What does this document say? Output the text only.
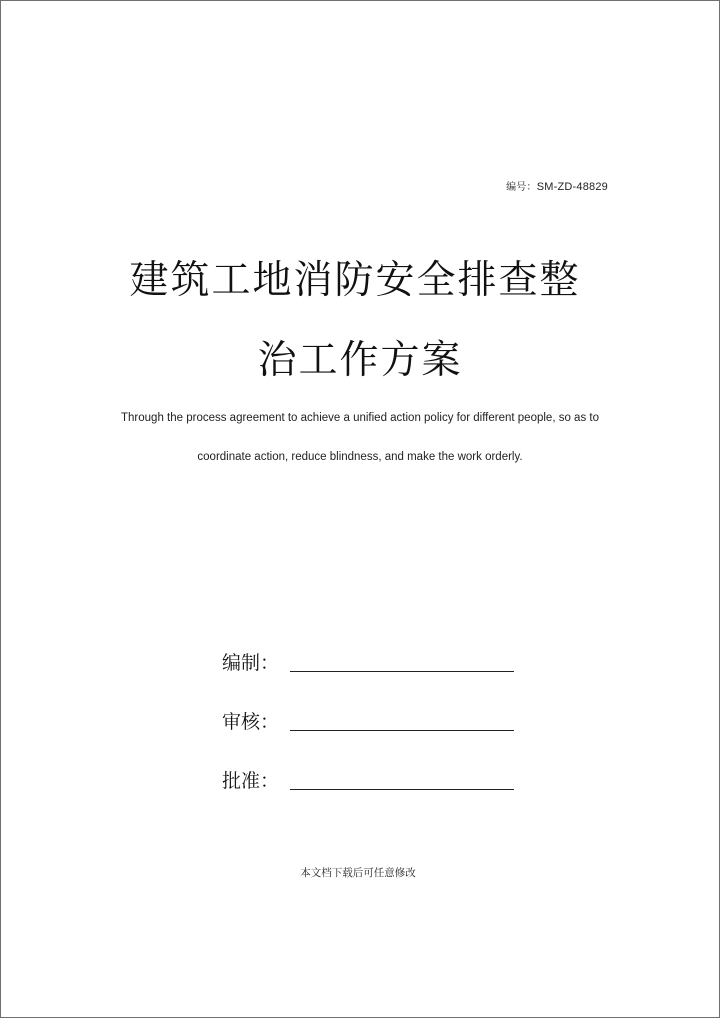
编号：SM-ZD-48829
建筑工地消防安全排查整
治工作方案

Through the process agreement to achieve a unified action policy for different people, so as to

coordinate action, reduce blindness, and make the work orderly.

编制：
审核：
批准：

本文档下载后可任意修改
